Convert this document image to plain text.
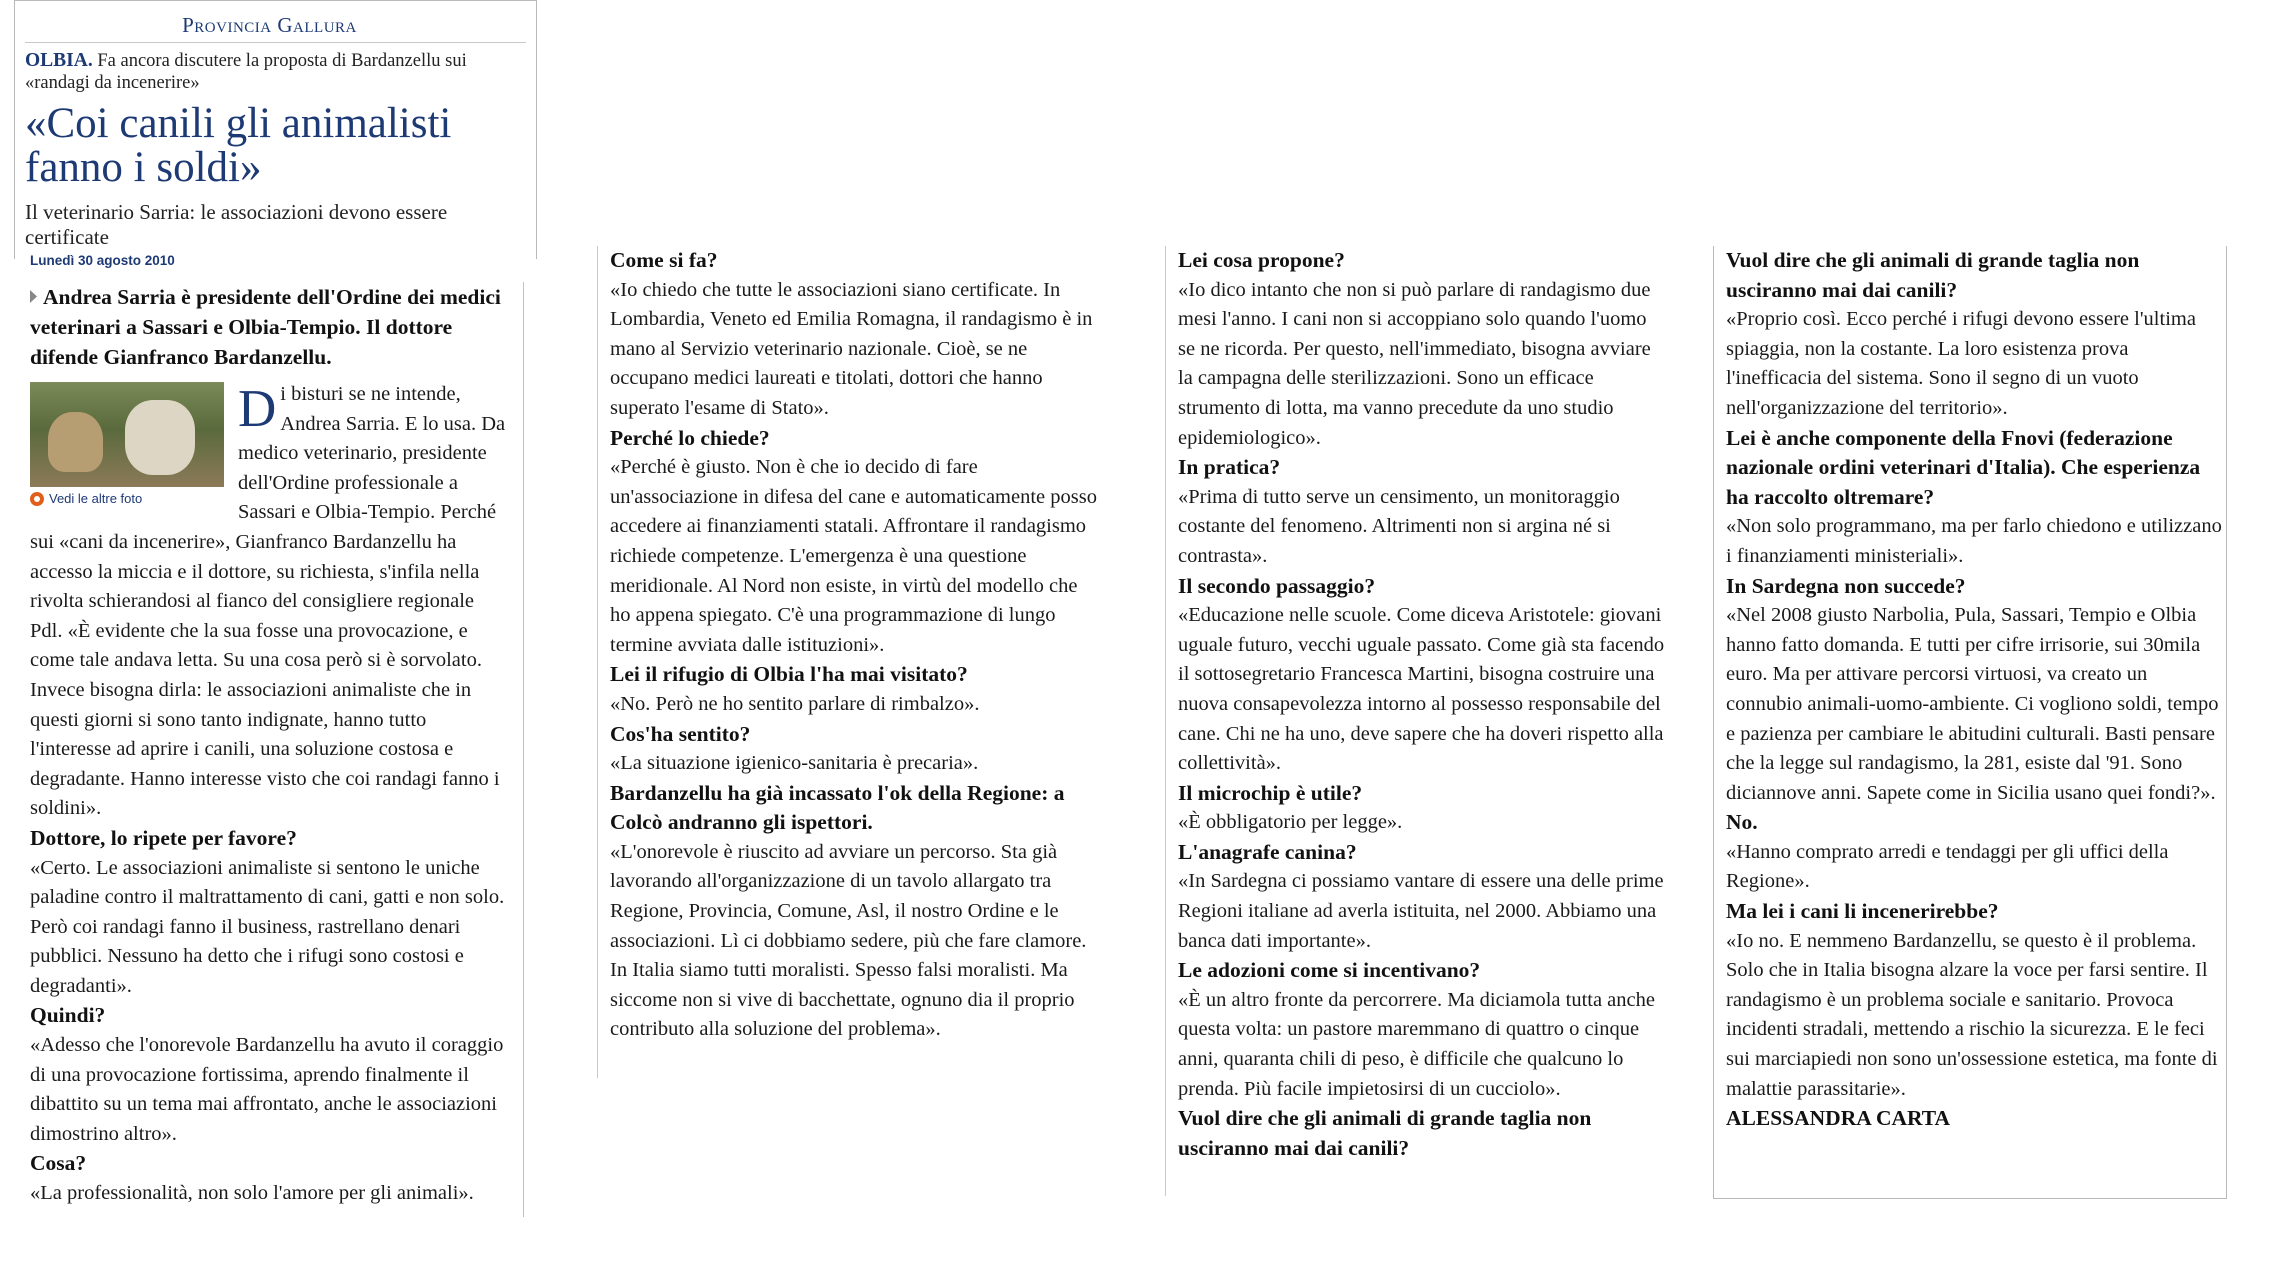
Provincia Gallura
OLBIA. Fa ancora discutere la proposta di Bardanzellu sui «randagi da incenerire»
«Coi canili gli animalisti
fanno i soldi»
Il veterinario Sarria: le associazioni devono essere certificate
Lunedì 30 agosto 2010

Andrea Sarria è presidente dell'Ordine dei medici veterinari a Sassari e Olbia-Tempio. Il dottore difende Gianfranco Bardanzellu.

Vedi le altre foto

Di bisturi se ne intende, Andrea Sarria. E lo usa. Da medico veterinario, presidente dell'Ordine professionale a Sassari e Olbia-Tempio. Perché sui «cani da incenerire», Gianfranco Bardanzellu ha accesso la miccia e il dottore, su richiesta, s'infila nella rivolta schierandosi al fianco del consigliere regionale Pdl. «È evidente che la sua fosse una provocazione, e come tale andava letta. Su una cosa però si è sorvolato. Invece bisogna dirla: le associazioni animaliste che in questi giorni si sono tanto indignate, hanno tutto l'interesse ad aprire i canili, una soluzione costosa e degradante. Hanno interesse visto che coi randagi fanno i soldini».

Dottore, lo ripete per favore?

«Certo. Le associazioni animaliste si sentono le uniche paladine contro il maltrattamento di cani, gatti e non solo. Però coi randagi fanno il business, rastrellano denari pubblici. Nessuno ha detto che i rifugi sono costosi e degradanti».

Quindi?

«Adesso che l'onorevole Bardanzellu ha avuto il coraggio di una provocazione fortissima, aprendo finalmente il dibattito su un tema mai affrontato, anche le associazioni dimostrino altro».

Cosa?

«La professionalità, non solo l'amore per gli animali».

Come si fa?

«Io chiedo che tutte le associazioni siano certificate. In Lombardia, Veneto ed Emilia Romagna, il randagismo è in mano al Servizio veterinario nazionale. Cioè, se ne occupano medici laureati e titolati, dottori che hanno superato l'esame di Stato».

Perché lo chiede?

«Perché è giusto. Non è che io decido di fare un'associazione in difesa del cane e automaticamente posso accedere ai finanziamenti statali. Affrontare il randagismo richiede competenze. L'emergenza è una questione meridionale. Al Nord non esiste, in virtù del modello che ho appena spiegato. C'è una programmazione di lungo termine avviata dalle istituzioni».

Lei il rifugio di Olbia l'ha mai visitato?

«No. Però ne ho sentito parlare di rimbalzo».

Cos'ha sentito?

«La situazione igienico-sanitaria è precaria».

Bardanzellu ha già incassato l'ok della Regione: a Colcò andranno gli ispettori.

«L'onorevole è riuscito ad avviare un percorso. Sta già lavorando all'organizzazione di un tavolo allargato tra Regione, Provincia, Comune, Asl, il nostro Ordine e le associazioni. Lì ci dobbiamo sedere, più che fare clamore. In Italia siamo tutti moralisti. Spesso falsi moralisti. Ma siccome non si vive di bacchettate, ognuno dia il proprio contributo alla soluzione del problema».

Lei cosa propone?

«Io dico intanto che non si può parlare di randagismo due mesi l'anno. I cani non si accoppiano solo quando l'uomo se ne ricorda. Per questo, nell'immediato, bisogna avviare la campagna delle sterilizzazioni. Sono un efficace strumento di lotta, ma vanno precedute da uno studio epidemiologico».

In pratica?

«Prima di tutto serve un censimento, un monitoraggio costante del fenomeno. Altrimenti non si argina né si contrasta».

Il secondo passaggio?

«Educazione nelle scuole. Come diceva Aristotele: giovani uguale futuro, vecchi uguale passato. Come già sta facendo il sottosegretario Francesca Martini, bisogna costruire una nuova consapevolezza intorno al possesso responsabile del cane. Chi ne ha uno, deve sapere che ha doveri rispetto alla collettività».

Il microchip è utile?

«È obbligatorio per legge».

L'anagrafe canina?

«In Sardegna ci possiamo vantare di essere una delle prime Regioni italiane ad averla istituita, nel 2000. Abbiamo una banca dati importante».

Le adozioni come si incentivano?

«È un altro fronte da percorrere. Ma diciamola tutta anche questa volta: un pastore maremmano di quattro o cinque anni, quaranta chili di peso, è difficile che qualcuno lo prenda. Più facile impietosirsi di un cucciolo».

Vuol dire che gli animali di grande taglia non usciranno mai dai canili?

Vuol dire che gli animali di grande taglia non usciranno mai dai canili?

«Proprio così. Ecco perché i rifugi devono essere l'ultima spiaggia, non la costante. La loro esistenza prova l'inefficacia del sistema. Sono il segno di un vuoto nell'organizzazione del territorio».

Lei è anche componente della Fnovi (federazione nazionale ordini veterinari d'Italia). Che esperienza ha raccolto oltremare?

«Non solo programmano, ma per farlo chiedono e utilizzano i finanziamenti ministeriali».

In Sardegna non succede?

«Nel 2008 giusto Narbolia, Pula, Sassari, Tempio e Olbia hanno fatto domanda. E tutti per cifre irrisorie, sui 30mila euro. Ma per attivare percorsi virtuosi, va creato un connubio animali-uomo-ambiente. Ci vogliono soldi, tempo e pazienza per cambiare le abitudini culturali. Basti pensare che la legge sul randagismo, la 281, esiste dal '91. Sono diciannove anni. Sapete come in Sicilia usano quei fondi?».

No.

«Hanno comprato arredi e tendaggi per gli uffici della Regione».

Ma lei i cani li incenerirebbe?

«Io no. E nemmeno Bardanzellu, se questo è il problema. Solo che in Italia bisogna alzare la voce per farsi sentire. Il randagismo è un problema sociale e sanitario. Provoca incidenti stradali, mettendo a rischio la sicurezza. E le feci sui marciapiedi non sono un'ossessione estetica, ma fonte di malattie parassitarie».

ALESSANDRA CARTA
